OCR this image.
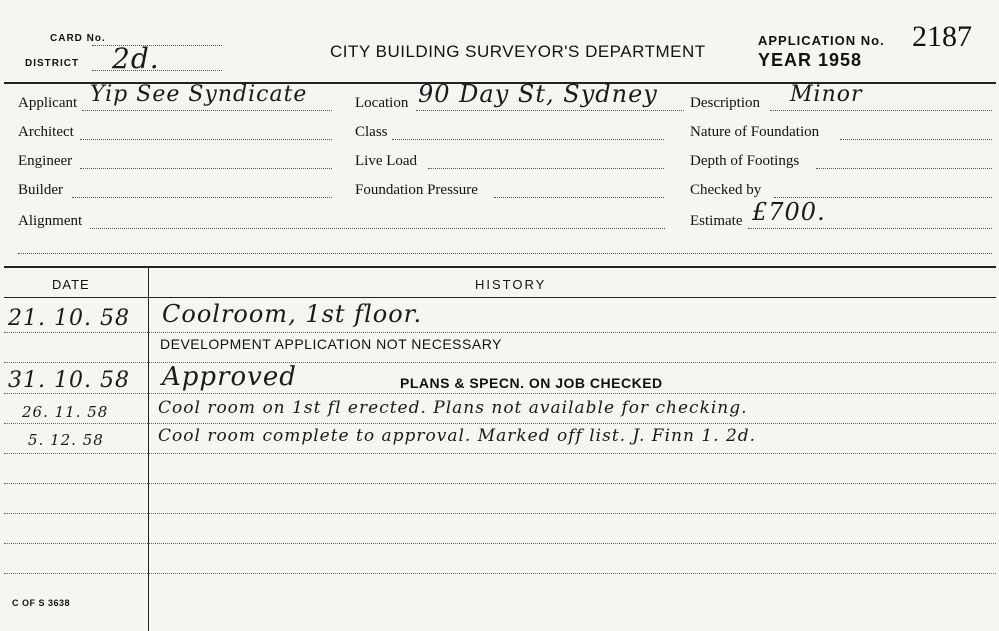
CARD No.
DISTRICT 2d.	CITY BUILDING SURVEYOR'S DEPARTMENT
APPLICATION No. 2187
YEAR 1958
Applicant Yip See Syndicate
Architect
Engineer
Builder
Alignment
Location 90 Day St, Sydney
Class
Live Load
Foundation Pressure
Description Minor
Nature of Foundation
Depth of Footings
Checked by
Estimate £700.
DATE	HISTORY
21. 10. 58 Coolroom, 1st floor.
DEVELOPMENT APPLICATION NOT NECESSARY
31. 10. 58 Approved	PLANS & SPECN. ON JOB CHECKED
26. 11. 58	Cool room on 1st fl erected. Plans not available for checking.
5. 12. 58	Cool room complete to approval. Marked off list. J. Finn 1. 2d.
C OF S 3638
